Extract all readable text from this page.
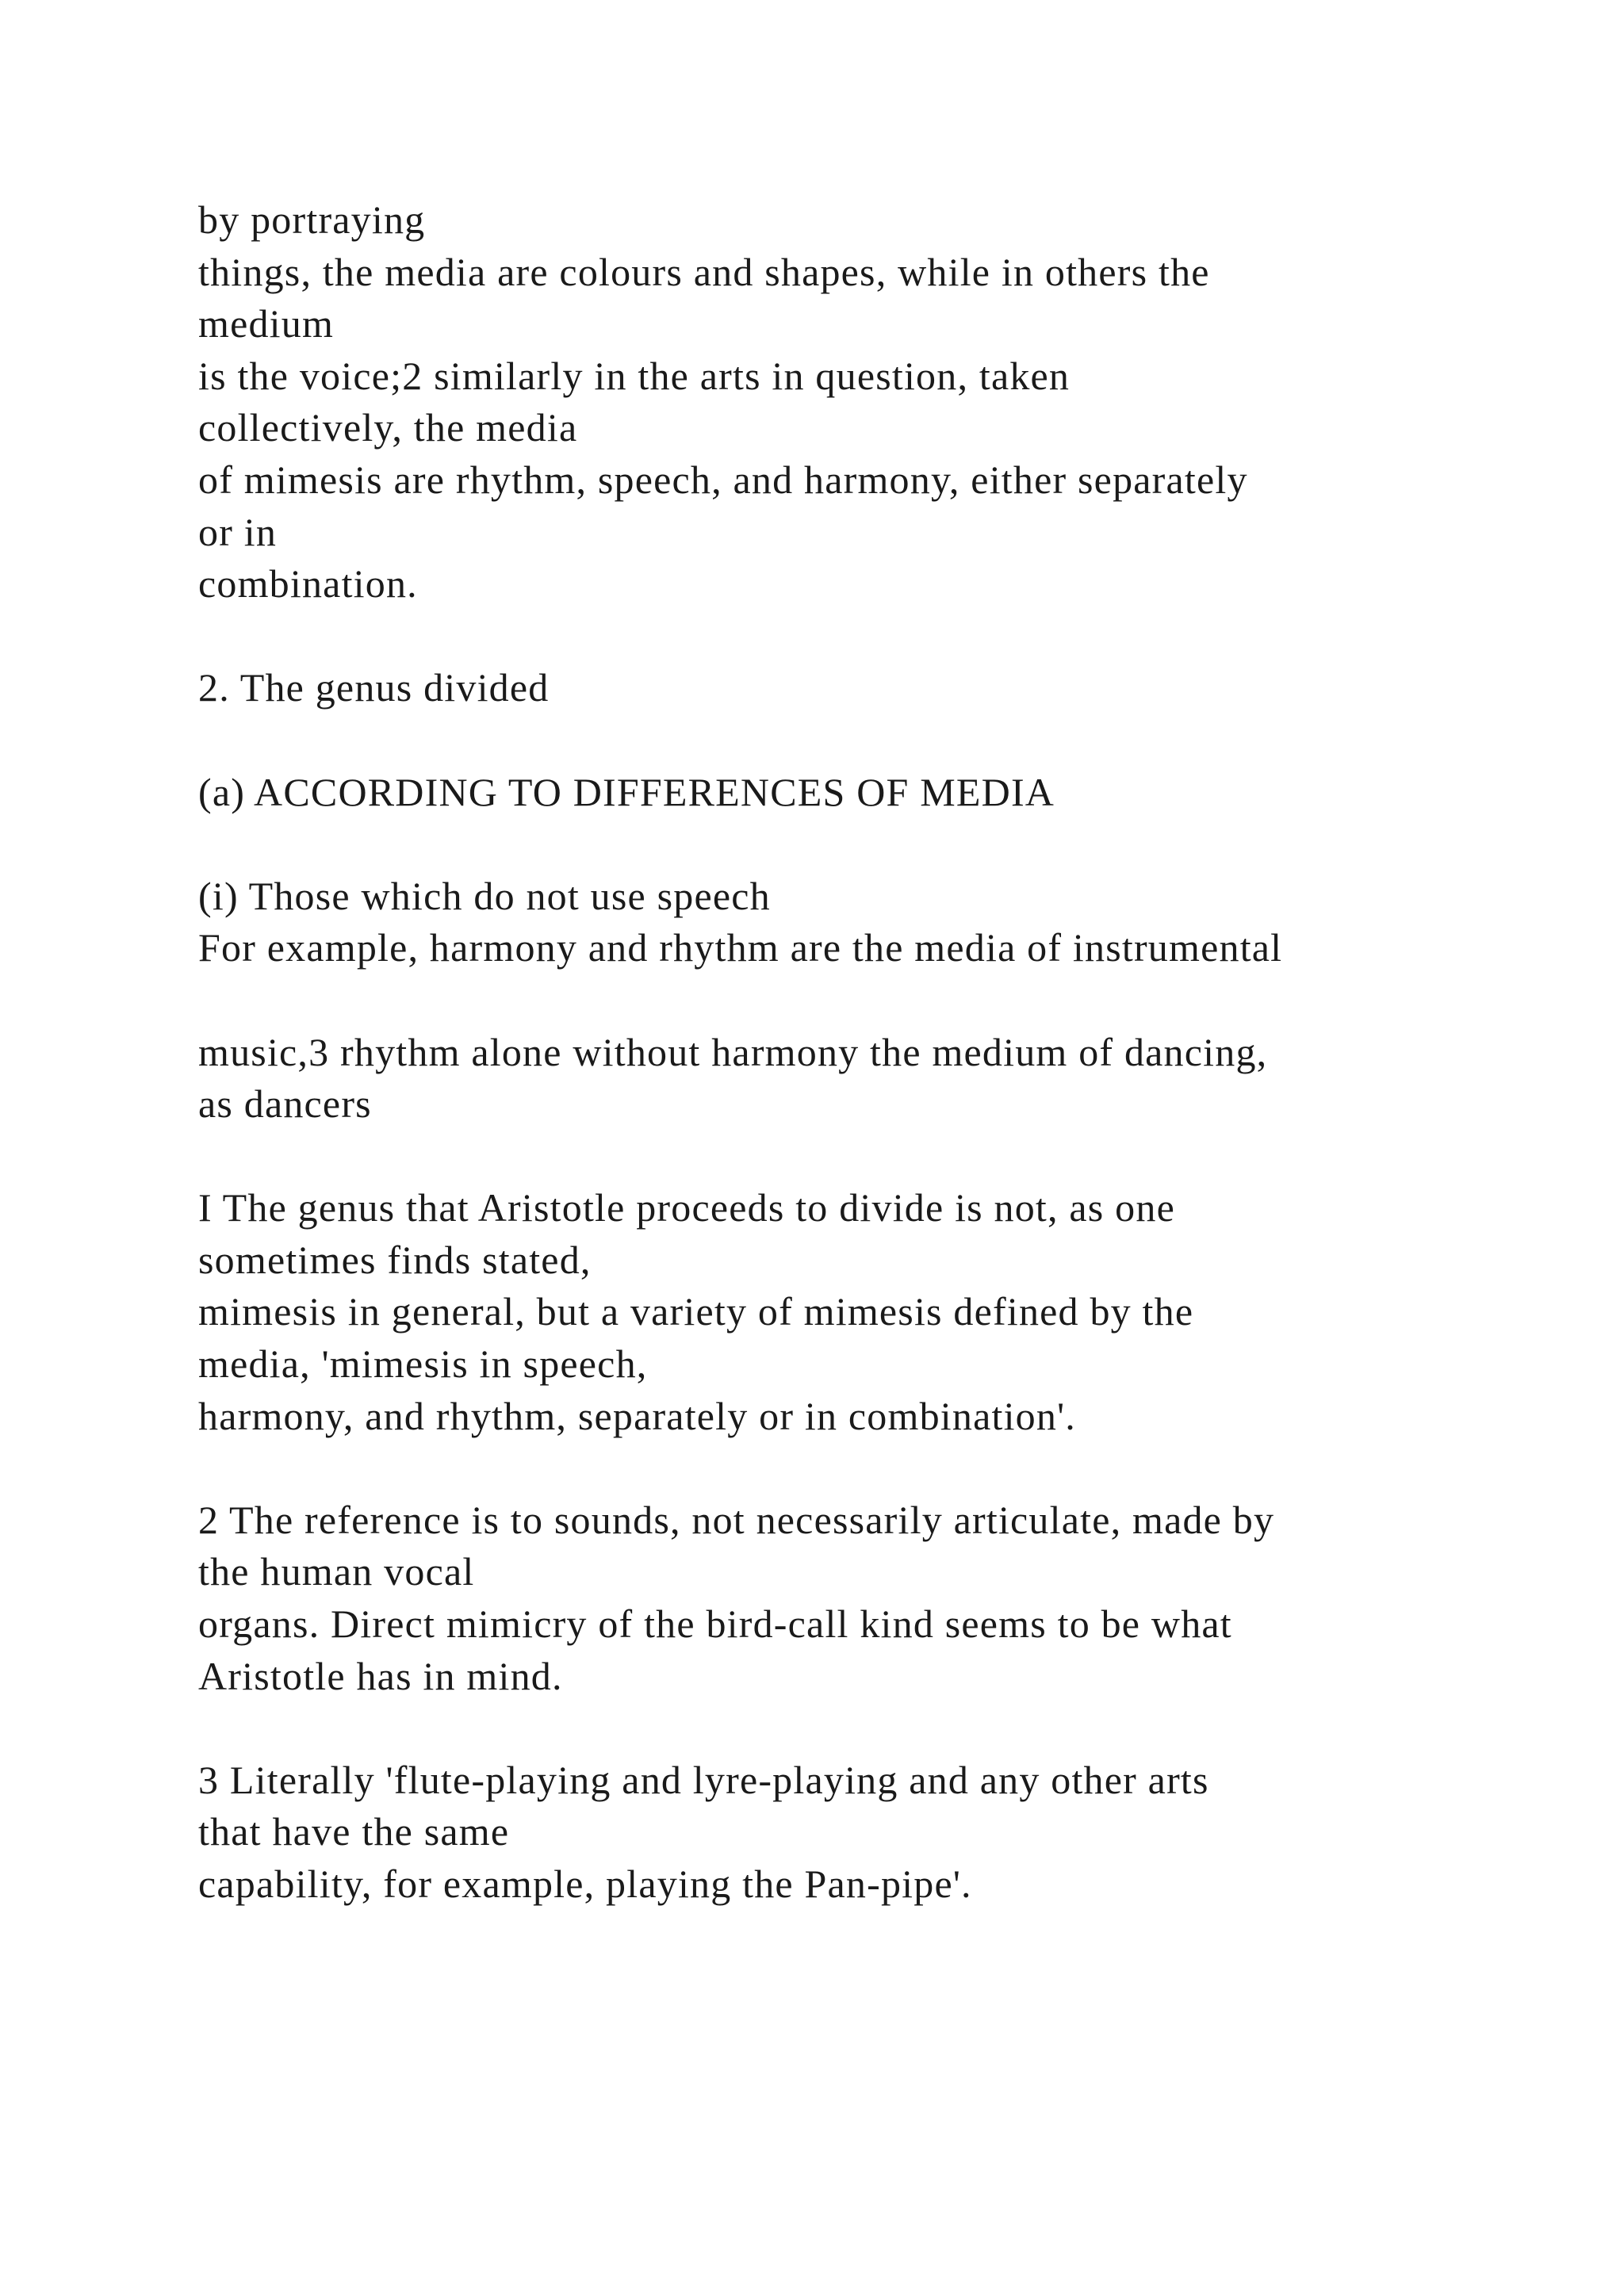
by portraying
things, the media are colours and shapes, while in others the
medium
is the voice;2 similarly in the arts in question, taken
collectively, the media
of mimesis are rhythm, speech, and harmony, either separately
or in
combination.
2. The genus divided
(a) ACCORDING TO DIFFERENCES OF MEDIA
(i) Those which do not use speech
For example, harmony and rhythm are the media of instrumental
music,3 rhythm alone without harmony the medium of dancing,
as dancers
I The genus that Aristotle proceeds to divide is not, as one
sometimes finds stated,
mimesis in general, but a variety of mimesis defined by the
media, 'mimesis in speech,
harmony, and rhythm, separately or in combination'.
2 The reference is to sounds, not necessarily articulate, made by
the human vocal
organs. Direct mimicry of the bird-call kind seems to be what
Aristotle has in mind.
3 Literally 'flute-playing and lyre-playing and any other arts
that have the same
capability, for example, playing the Pan-pipe'.
